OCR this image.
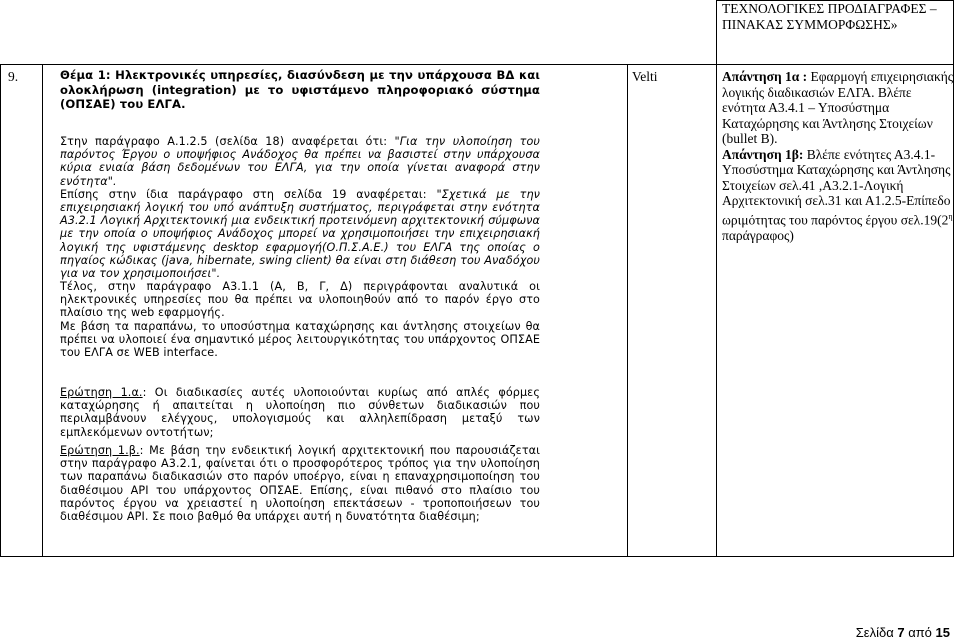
ΤΕΧΝΟΛΟΓΙΚΕΣ ΠΡΟΔΙΑΓΡΑΦΕΣ –ΠΙΝΑΚΑΣ ΣΥΜΜΟΡΦΩΣΗΣ»
9.	Velti	Απάντηση 1α : Εφαρμογή επιχειρησιακής λογικής διαδικασιών ΕΛΓΑ. Βλέπε ενότητα Α3.4.1 – Υποσύστημα Καταχώρησης και Άντλησης Στοιχείων (bullet B).
Απάντηση 1β: Βλέπε ενότητες Α3.4.1- Υποσύστημα Καταχώρησης και Άντλησης Στοιχείων σελ.41 ,Α3.2.1-Λογική Αρχιτεκτονική σελ.31 και Α1.2.5-Επίπεδο ωριμότητας του παρόντος έργου $\sigma\varepsilon\lambda.19(2^\eta$ παράγραφος)
Θέμα 1: Ηλεκτρονικές υπηρεσίες, διασύνδεση με την υπάρχουσα ΒΔ και ολοκλήρωση (integration) με το υφιστάμενο πληροφοριακό σύστημα (ΟΠΣΑΕ) του ΕΛΓΑ.
Στην παράγραφο Α.1.2.5 (σελίδα 18) αναφέρεται ότι: "Για την υλοποίηση του παρόντος Έργου ο υποψήφιος Ανάδοχος θα πρέπει να βασιστεί στην υπάρχουσα κύρια ενιαία βάση δεδομένων του ΕΛΓΑ, για την οποία γίνεται αναφορά στην ενότητα".
Επίσης στην ίδια παράγραφο στη σελίδα 19 αναφέρεται: "Σχετικά με την επιχειρησιακή λογική του υπό ανάπτυξη συστήματος, περιγράφεται στην ενότητα Α3.2.1 Λογική Αρχιτεκτονική μια ενδεικτική προτεινόμενη αρχιτεκτονική σύμφωνα με την οποία ο υποψήφιος Ανάδοχος μπορεί να χρησιμοποιήσει την επιχειρησιακή λογική της υφιστάμενης desktop εφαρμογή(Ο.Π.Σ.Α.Ε.) του ΕΛΓΑ της οποίας ο πηγαίος κώδικας (java, hibernate, swing client) θα είναι στη διάθεση του Αναδόχου για να τον χρησιμοποιήσει".
Τέλος, στην παράγραφο Α3.1.1 (Α, Β, Γ, Δ) περιγράφονται αναλυτικά οι ηλεκτρονικές υπηρεσίες που θα πρέπει να υλοποιηθούν από το παρόν έργο στο πλαίσιο της web εφαρμογής.
Με βάση τα παραπάνω, το υποσύστημα καταχώρησης και άντλησης στοιχείων θα πρέπει να υλοποιεί ένα σημαντικό μέρος λειτουργικότητας του υπάρχοντος ΟΠΣΑΕ του ΕΛΓΑ σε WEB interface.
Ερώτηση 1.α.: Οι διαδικασίες αυτές υλοποιούνται κυρίως από απλές φόρμες καταχώρησης ή απαιτείται η υλοποίηση πιο σύνθετων διαδικασιών που περιλαμβάνουν ελέγχους, υπολογισμούς και αλληλεπίδραση μεταξύ των εμπλεκόμενων οντοτήτων;
Ερώτηση 1.β.: Με βάση την ενδεικτική λογική αρχιτεκτονική που παρουσιάζεται στην παράγραφο Α3.2.1, φαίνεται ότι ο προσφορότερος τρόπος για την υλοποίηση των παραπάνω διαδικασιών στο παρόν υποέργο, είναι η επαναχρησιμοποίηση του διαθέσιμου API του υπάρχοντος ΟΠΣΑΕ. Επίσης, είναι πιθανό στο πλαίσιο του παρόντος έργου να χρειαστεί η υλοποίηση επεκτάσεων - τροποποιήσεων του διαθέσιμου API. Σε ποιο βαθμό θα υπάρχει αυτή η δυνατότητα διαθέσιμη;
Σελίδα 7 από 15
